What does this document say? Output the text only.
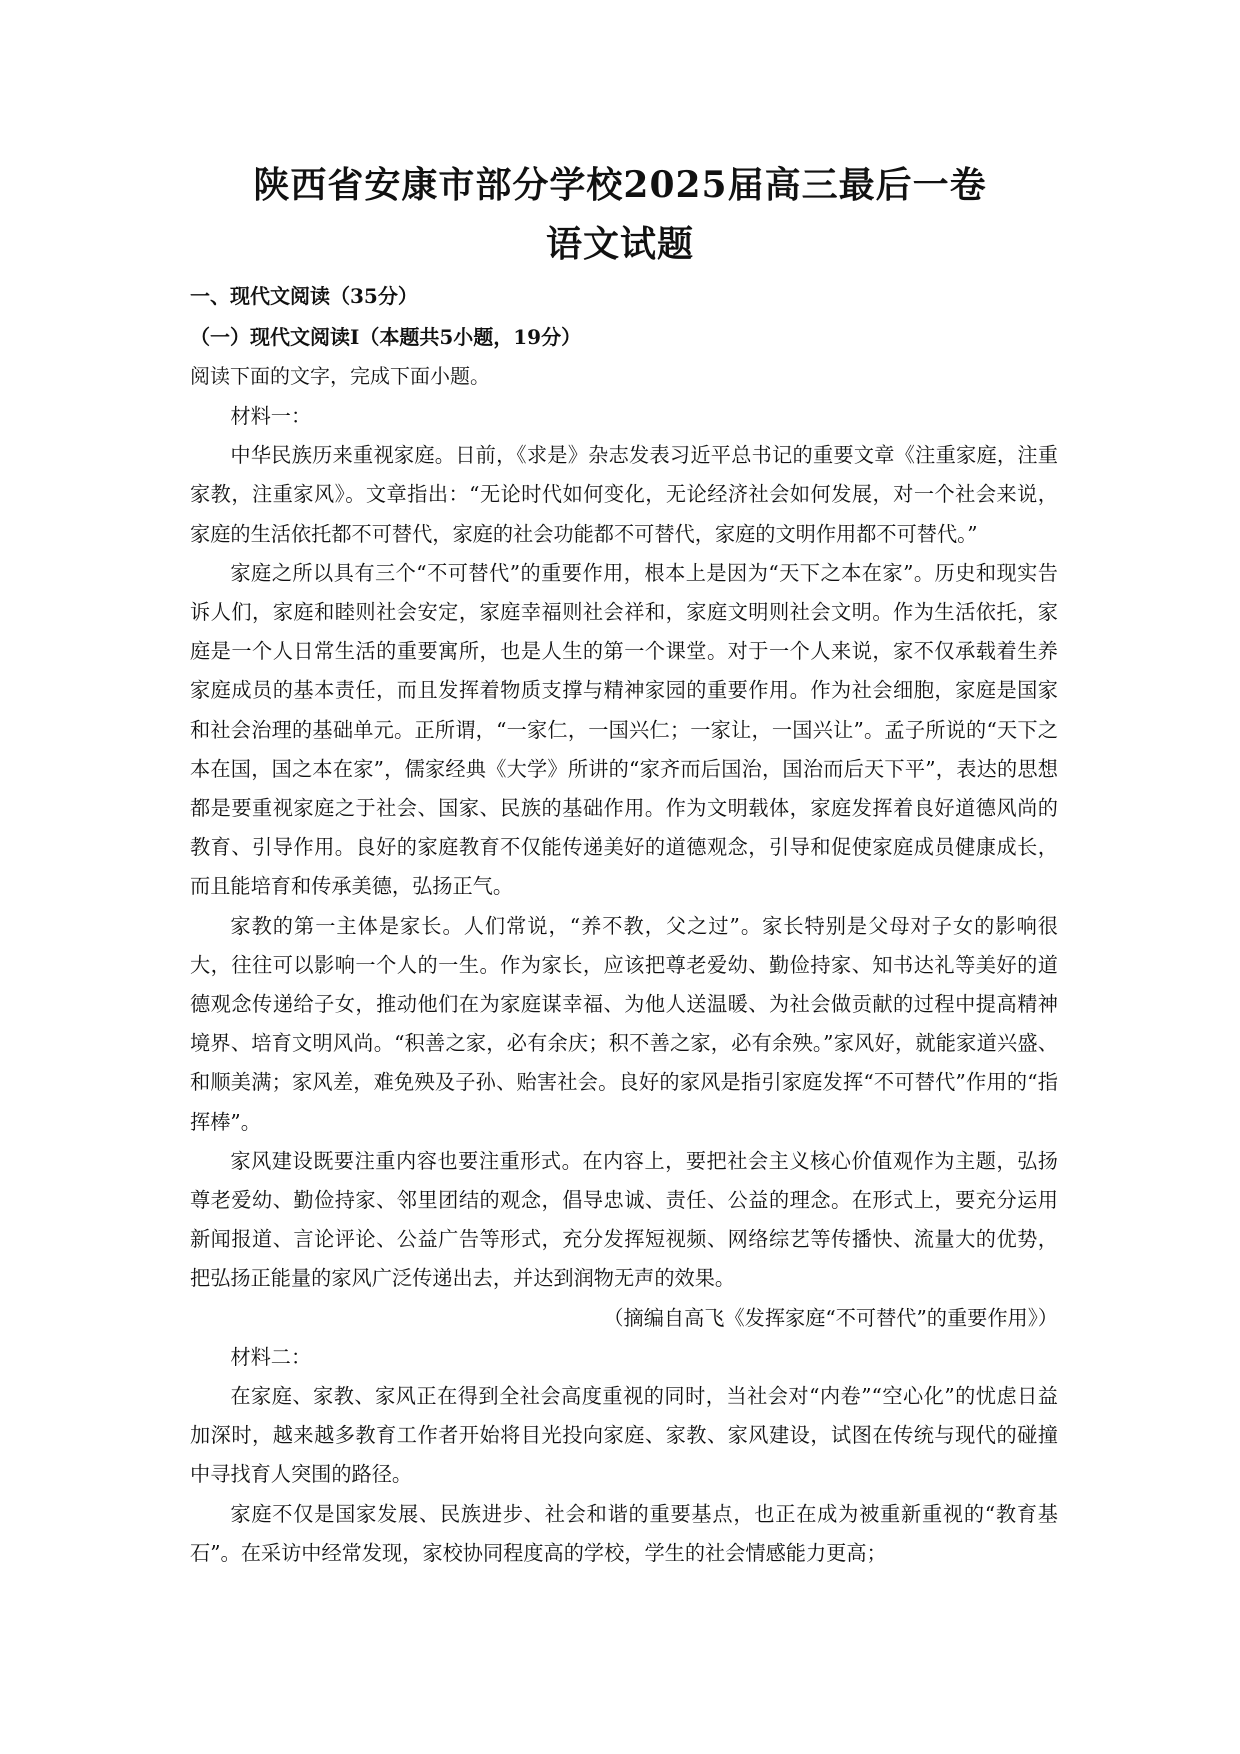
陕西省安康市部分学校2025届高三最后一卷
语文试题
一、现代文阅读（35分）
（一）现代文阅读Ⅰ（本题共5小题，19分）
阅读下面的文字，完成下面小题。

材料一：

中华民族历来重视家庭。日前，《求是》杂志发表习近平总书记的重要文章《注重家庭，注重家教，注重家风》。文章指出：“无论时代如何变化，无论经济社会如何发展，对一个社会来说，家庭的生活依托都不可替代，家庭的社会功能都不可替代，家庭的文明作用都不可替代。”

家庭之所以具有三个“不可替代”的重要作用，根本上是因为“天下之本在家”。历史和现实告诉人们，家庭和睦则社会安定，家庭幸福则社会祥和，家庭文明则社会文明。作为生活依托，家庭是一个人日常生活的重要寓所，也是人生的第一个课堂。对于一个人来说，家不仅承载着生养家庭成员的基本责任，而且发挥着物质支撑与精神家园的重要作用。作为社会细胞，家庭是国家和社会治理的基础单元。正所谓，“一家仁，一国兴仁；一家让，一国兴让”。孟子所说的“天下之本在国，国之本在家”，儒家经典《大学》所讲的“家齐而后国治，国治而后天下平”，表达的思想都是要重视家庭之于社会、国家、民族的基础作用。作为文明载体，家庭发挥着良好道德风尚的教育、引导作用。良好的家庭教育不仅能传递美好的道德观念，引导和促使家庭成员健康成长，而且能培育和传承美德，弘扬正气。

家教的第一主体是家长。人们常说，“养不教，父之过”。家长特别是父母对子女的影响很大，往往可以影响一个人的一生。作为家长，应该把尊老爱幼、勤俭持家、知书达礼等美好的道德观念传递给子女，推动他们在为家庭谋幸福、为他人送温暖、为社会做贡献的过程中提高精神境界、培育文明风尚。“积善之家，必有余庆；积不善之家，必有余殃。”家风好，就能家道兴盛、和顺美满；家风差，难免殃及子孙、贻害社会。良好的家风是指引家庭发挥“不可替代”作用的“指挥棒”。

家风建设既要注重内容也要注重形式。在内容上，要把社会主义核心价值观作为主题，弘扬尊老爱幼、勤俭持家、邻里团结的观念，倡导忠诚、责任、公益的理念。在形式上，要充分运用新闻报道、言论评论、公益广告等形式，充分发挥短视频、网络综艺等传播快、流量大的优势，把弘扬正能量的家风广泛传递出去，并达到润物无声的效果。

（摘编自高飞《发挥家庭“不可替代”的重要作用》）

材料二：

在家庭、家教、家风正在得到全社会高度重视的同时，当社会对“内卷”“空心化”的忧虑日益加深时，越来越多教育工作者开始将目光投向家庭、家教、家风建设，试图在传统与现代的碰撞中寻找育人突围的路径。

家庭不仅是国家发展、民族进步、社会和谐的重要基点，也正在成为被重新重视的“教育基石”。在采访中经常发现，家校协同程度高的学校，学生的社会情感能力更高；
